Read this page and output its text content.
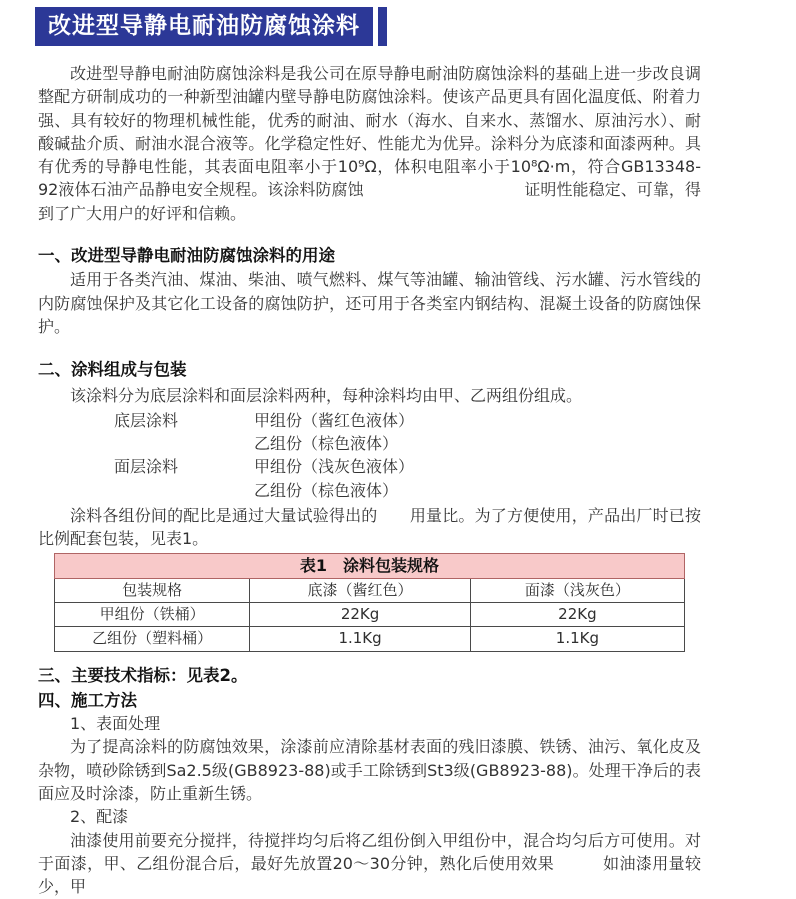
改进型导静电耐油防腐蚀涂料

改进型导静电耐油防腐蚀涂料是我公司在原导静电耐油防腐蚀涂料的基础上进一步改良调整配方研制成功的一种新型油罐内壁导静电防腐蚀涂料。使该产品更具有固化温度低、附着力强、具有较好的物理机械性能，优秀的耐油、耐水（海水、自来水、蒸馏水、原油污水）、耐酸碱盐介质、耐油水混合液等。化学稳定性好、性能尤为优异。涂料分为底漆和面漆两种。具有优秀的导静电性能，其表面电阻率小于10⁹Ω，体积电阻率小于10⁸Ω·m，符合GB13348-92液体石油产品静电安全规程。该涂料防腐蚀　　　　　　　　　　证明性能稳定、可靠，得到了广大用户的好评和信赖。

一、改进型导静电耐油防腐蚀涂料的用途

适用于各类汽油、煤油、柴油、喷气燃料、煤气等油罐、输油管线、污水罐、污水管线的内防腐蚀保护及其它化工设备的腐蚀防护，还可用于各类室内钢结构、混凝土设备的防腐蚀保护。

二、涂料组成与包装

该涂料分为底层涂料和面层涂料两种，每种涂料均由甲、乙两组份组成。

底层涂料	甲组份（酱红色液体）
乙组份（棕色液体）
面层涂料	甲组份（浅灰色液体）
乙组份（棕色液体）

涂料各组份间的配比是通过大量试验得出的　　用量比。为了方便使用，产品出厂时已按比例配套包装，见表1。

表1　涂料包装规格		
包装规格	底漆（酱红色）	面漆（浅灰色）
甲组份（铁桶）	22Kg	22Kg
乙组份（塑料桶）	1.1Kg	1.1Kg
三、主要技术指标：见表2。
四、施工方法
1、表面处理

为了提高涂料的防腐蚀效果，涂漆前应清除基材表面的残旧漆膜、铁锈、油污、氧化皮及杂物，喷砂除锈到Sa2.5级(GB8923-88)或手工除锈到St3级(GB8923-88)。处理干净后的表面应及时涂漆，防止重新生锈。

2、配漆

油漆使用前要充分搅拌，待搅拌均匀后将乙组份倒入甲组份中，混合均匀后方可使用。对于面漆，甲、乙组份混合后，最好先放置20～30分钟，熟化后使用效果　　　如油漆用量较少，甲
